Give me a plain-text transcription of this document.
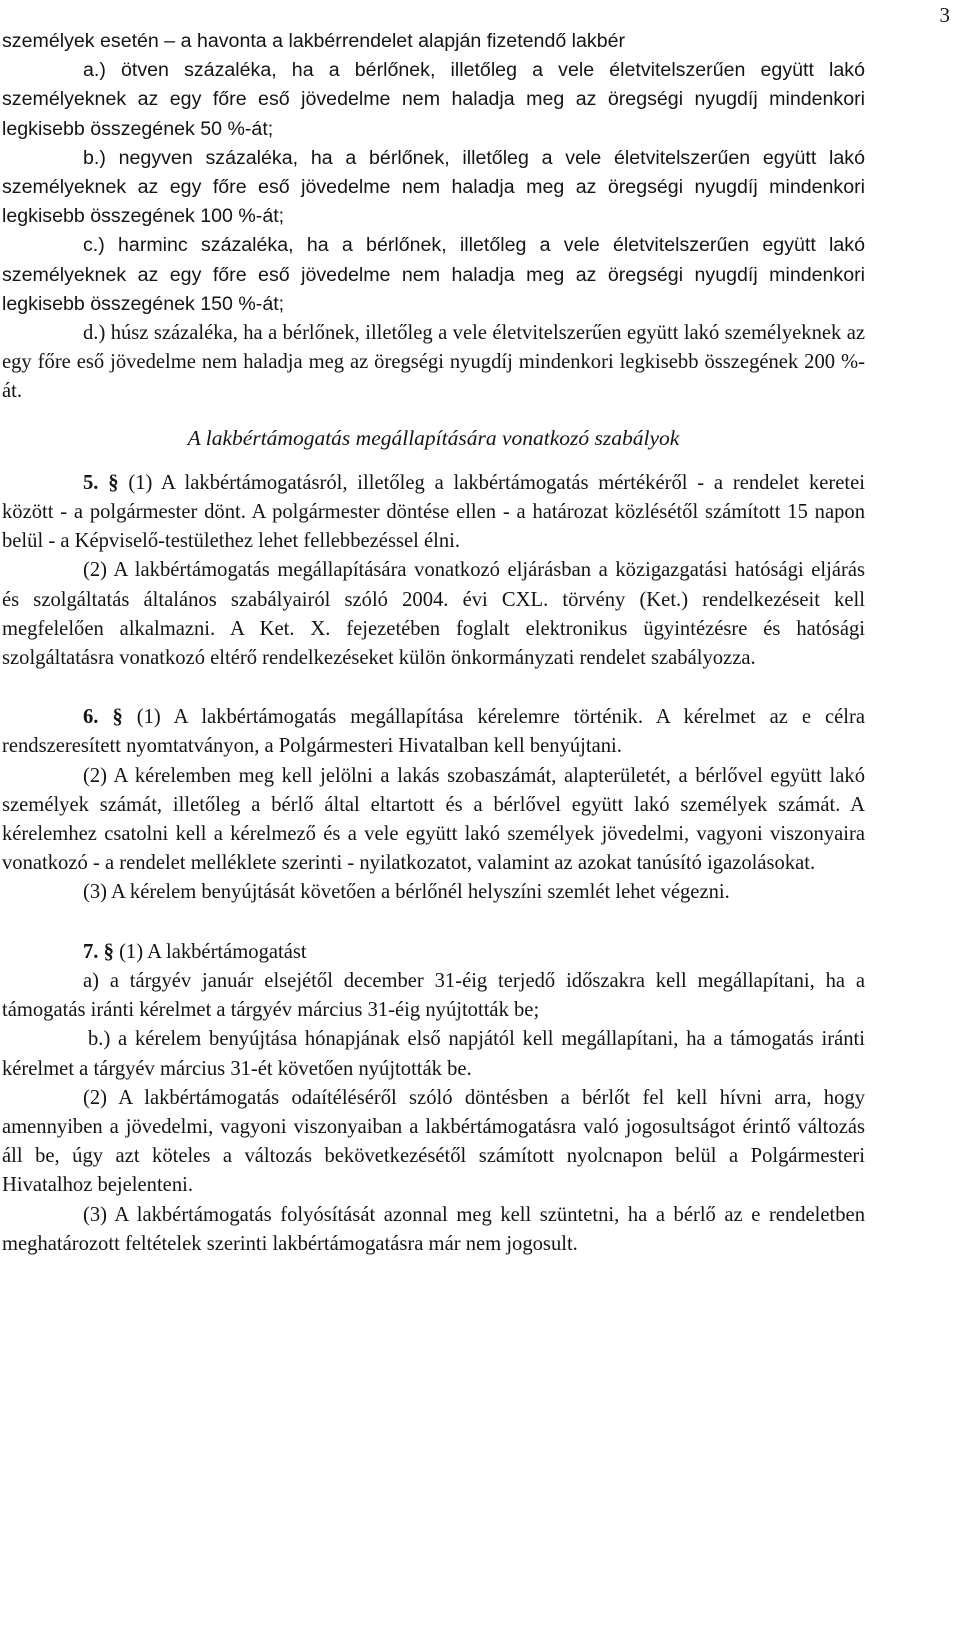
3

személyek esetén – a havonta a lakbérrendelet alapján fizetendő lakbér

a.) ötven százaléka, ha a bérlőnek, illetőleg a vele életvitelszerűen együtt lakó személyeknek az egy főre eső jövedelme nem haladja meg az öregségi nyugdíj mindenkori legkisebb összegének 50 %-át;

b.) negyven százaléka, ha a bérlőnek, illetőleg a vele életvitelszerűen együtt lakó személyeknek az egy főre eső jövedelme nem haladja meg az öregségi nyugdíj mindenkori legkisebb összegének 100 %-át;

c.) harminc százaléka, ha a bérlőnek, illetőleg a vele életvitelszerűen együtt lakó személyeknek az egy főre eső jövedelme nem haladja meg az öregségi nyugdíj mindenkori legkisebb összegének 150 %-át;

d.) húsz százaléka, ha a bérlőnek, illetőleg a vele életvitelszerűen együtt lakó személyeknek az egy főre eső jövedelme nem haladja meg az öregségi nyugdíj mindenkori legkisebb összegének 200 %-át.

A lakbértámogatás megállapítására vonatkozó szabályok

5. § (1) A lakbértámogatásról, illetőleg a lakbértámogatás mértékéről - a rendelet keretei között - a polgármester dönt. A polgármester döntése ellen - a határozat közlésétől számított 15 napon belül - a Képviselő-testülethez lehet fellebbezéssel élni.

(2) A lakbértámogatás megállapítására vonatkozó eljárásban a közigazgatási hatósági eljárás és szolgáltatás általános szabályairól szóló 2004. évi CXL. törvény (Ket.) rendelkezéseit kell megfelelően alkalmazni. A Ket. X. fejezetében foglalt elektronikus ügyintézésre és hatósági szolgáltatásra vonatkozó eltérő rendelkezéseket külön önkormányzati rendelet szabályozza.

6. § (1) A lakbértámogatás megállapítása kérelemre történik. A kérelmet az e célra rendszeresített nyomtatványon, a Polgármesteri Hivatalban kell benyújtani.

(2) A kérelemben meg kell jelölni a lakás szobaszámát, alapterületét, a bérlővel együtt lakó személyek számát, illetőleg a bérlő által eltartott és a bérlővel együtt lakó személyek számát. A kérelemhez csatolni kell a kérelmező és a vele együtt lakó személyek jövedelmi, vagyoni viszonyaira vonatkozó - a rendelet melléklete szerinti - nyilatkozatot, valamint az azokat tanúsító igazolásokat.

(3) A kérelem benyújtását követően a bérlőnél helyszíni szemlét lehet végezni.

7. § (1) A lakbértámogatást

a) a tárgyév január elsejétől december 31-éig terjedő időszakra kell megállapítani, ha a támogatás iránti kérelmet a tárgyév március 31-éig nyújtották be;

b.) a kérelem benyújtása hónapjának első napjától kell megállapítani, ha a támogatás iránti kérelmet a tárgyév március 31-ét követően nyújtották be.

(2) A lakbértámogatás odaítéléséről szóló döntésben a bérlőt fel kell hívni arra, hogy amennyiben a jövedelmi, vagyoni viszonyaiban a lakbértámogatásra való jogosultságot érintő változás áll be, úgy azt köteles a változás bekövetkezésétől számított nyolcnapon belül a Polgármesteri Hivatalhoz bejelenteni.

(3) A lakbértámogatás folyósítását azonnal meg kell szüntetni, ha a bérlő az e rendeletben meghatározott feltételek szerinti lakbértámogatásra már nem jogosult.
